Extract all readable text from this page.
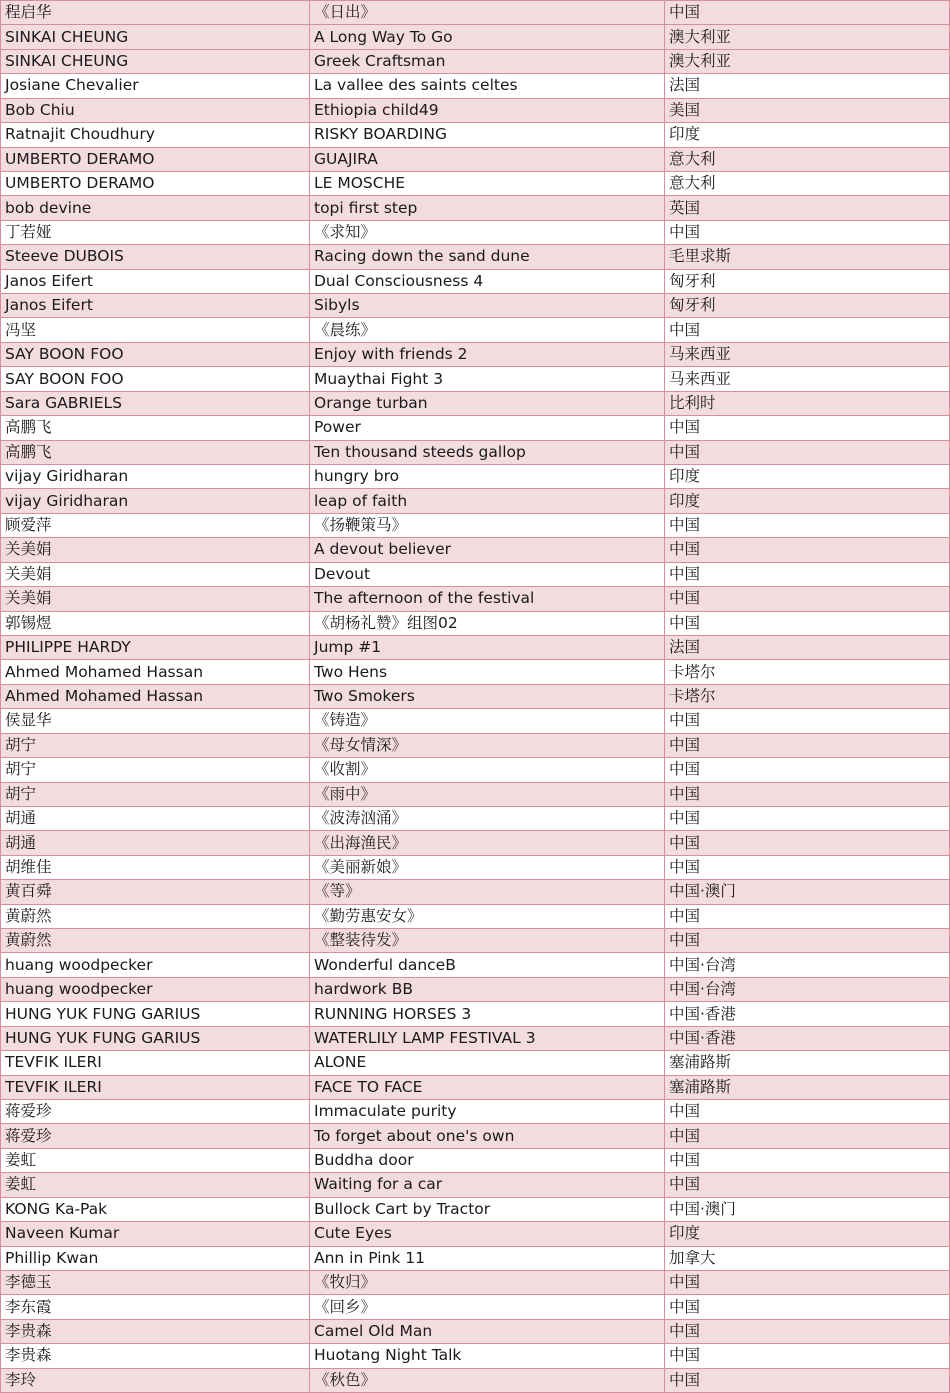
程启华	《日出》	中国
SINKAI CHEUNG	A Long Way To Go	澳大利亚
SINKAI CHEUNG	Greek Craftsman	澳大利亚
Josiane Chevalier	La vallee des saints celtes	法国
Bob Chiu	Ethiopia child49	美国
Ratnajit Choudhury	RISKY BOARDING	印度
UMBERTO DERAMO	GUAJIRA	意大利
UMBERTO DERAMO	LE MOSCHE	意大利
bob devine	topi first step	英国
丁若娅	《求知》	中国
Steeve DUBOIS	Racing down the sand dune	毛里求斯
Janos Eifert	Dual Consciousness 4	匈牙利
Janos Eifert	Sibyls	匈牙利
冯坚	《晨练》	中国
SAY BOON FOO	Enjoy with friends 2	马来西亚
SAY BOON FOO	Muaythai Fight 3	马来西亚
Sara GABRIELS	Orange turban	比利时
高鹏飞	Power	中国
高鹏飞	Ten thousand steeds gallop	中国
vijay Giridharan	hungry bro	印度
vijay Giridharan	leap of faith	印度
顾爱萍	《扬鞭策马》	中国
关美娟	A devout believer	中国
关美娟	Devout	中国
关美娟	The afternoon of the festival	中国
郭锡煜	《胡杨礼赞》组图02	中国
PHILIPPE HARDY	Jump #1	法国
Ahmed Mohamed Hassan	Two Hens	卡塔尔
Ahmed Mohamed Hassan	Two Smokers	卡塔尔
侯显华	《铸造》	中国
胡宁	《母女情深》	中国
胡宁	《收割》	中国
胡宁	《雨中》	中国
胡通	《波涛汹涌》	中国
胡通	《出海渔民》	中国
胡维佳	《美丽新娘》	中国
黄百舜	《等》	中国·澳门
黄蔚然	《勤劳惠安女》	中国
黄蔚然	《整装待发》	中国
huang woodpecker	Wonderful danceB	中国·台湾
huang woodpecker	hardwork BB	中国·台湾
HUNG YUK FUNG GARIUS	RUNNING HORSES 3	中国·香港
HUNG YUK FUNG GARIUS	WATERLILY LAMP FESTIVAL 3	中国·香港
TEVFIK ILERI	ALONE	塞浦路斯
TEVFIK ILERI	FACE TO FACE	塞浦路斯
蒋爱珍	Immaculate purity	中国
蒋爱珍	To forget about one's own	中国
姜虹	Buddha door	中国
姜虹	Waiting for a car	中国
KONG Ka-Pak	Bullock Cart by Tractor	中国·澳门
Naveen Kumar	Cute Eyes	印度
Phillip Kwan	Ann in Pink 11	加拿大
李德玉	《牧归》	中国
李东霞	《回乡》	中国
李贵森	Camel Old Man	中国
李贵森	Huotang Night Talk	中国
李玲	《秋色》	中国
